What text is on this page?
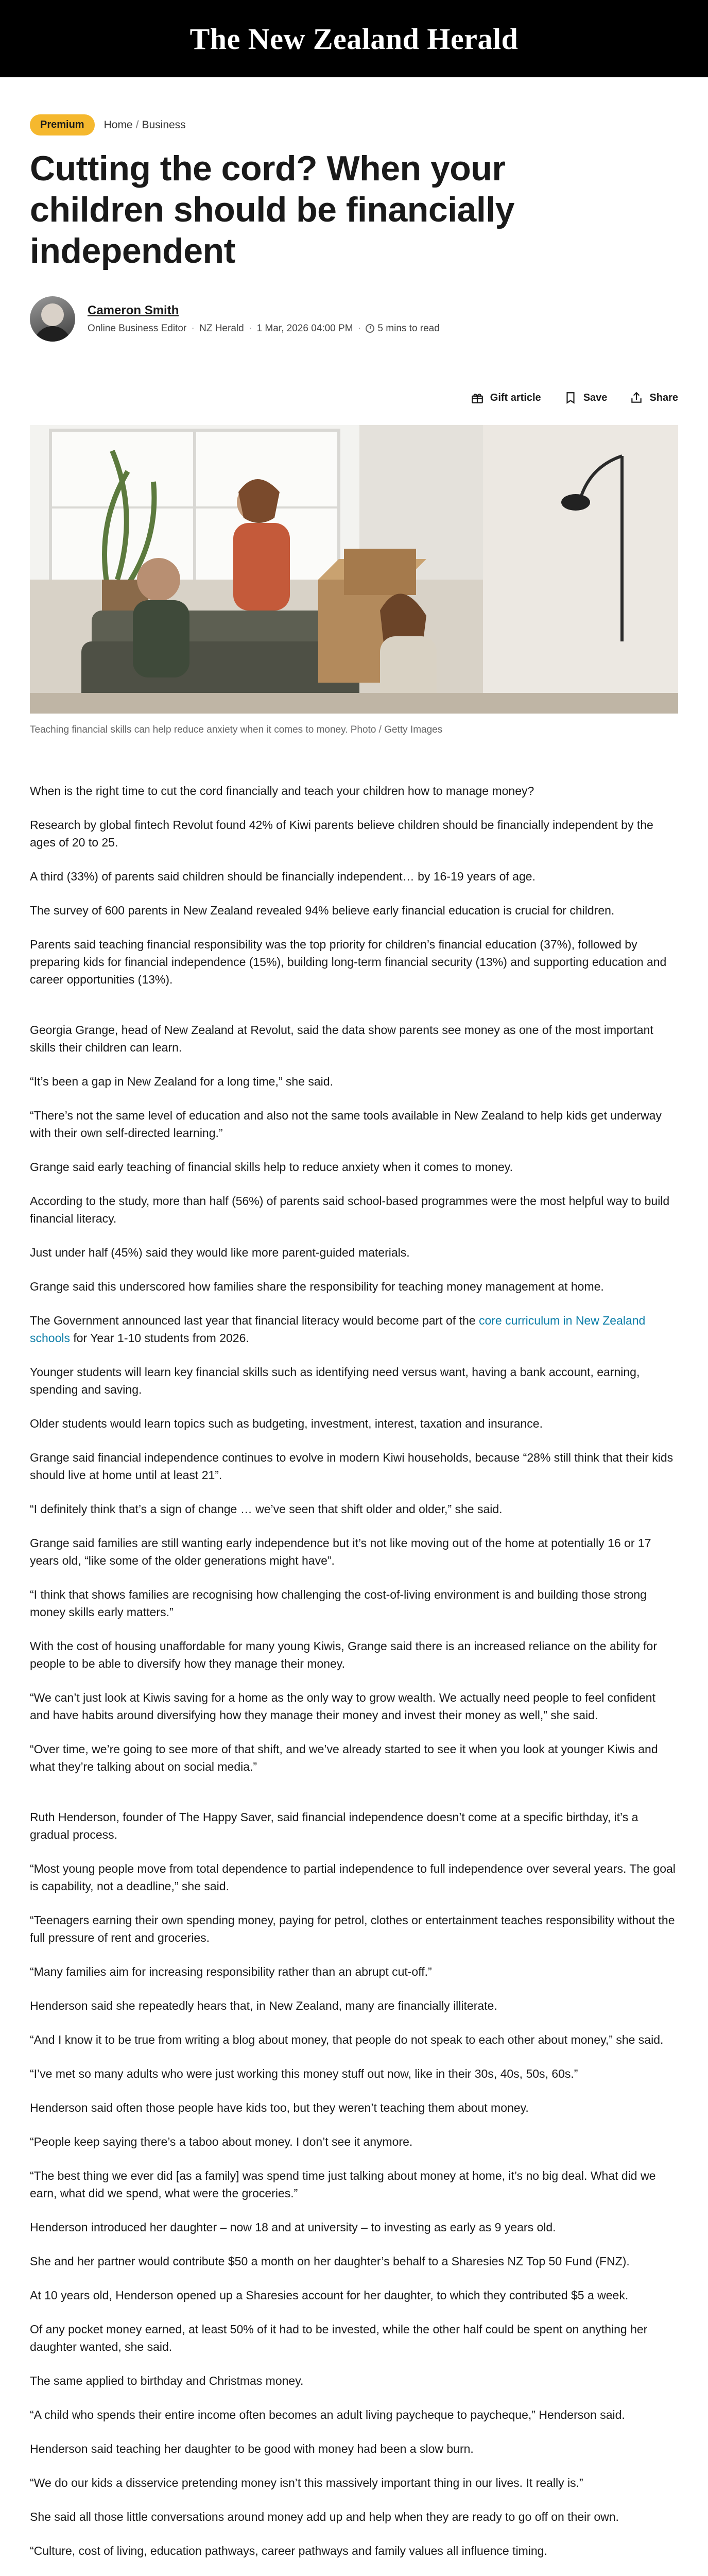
The New Zealand Herald
Premium	Home / Business
Cutting the cord? When your children should be financially independent
Cameron Smith
Online Business Editor · NZ Herald · 1 Mar, 2026 04:00 PM · 5 mins to read
Gift article	Save	Share

Teaching financial skills can help reduce anxiety when it comes to money. Photo / Getty Images

When is the right time to cut the cord financially and teach your children how to manage money?

Research by global fintech Revolut found 42% of Kiwi parents believe children should be financially independent by the ages of 20 to 25.

A third (33%) of parents said children should be financially independent… by 16-19 years of age.

The survey of 600 parents in New Zealand revealed 94% believe early financial education is crucial for children.

Parents said teaching financial responsibility was the top priority for children’s financial education (37%), followed by preparing kids for financial independence (15%), building long-term financial security (13%) and supporting education and career opportunities (13%).

Georgia Grange, head of New Zealand at Revolut, said the data show parents see money as one of the most important skills their children can learn.

“It’s been a gap in New Zealand for a long time,” she said.

“There’s not the same level of education and also not the same tools available in New Zealand to help kids get underway with their own self-directed learning.”

Grange said early teaching of financial skills help to reduce anxiety when it comes to money.

According to the study, more than half (56%) of parents said school-based programmes were the most helpful way to build financial literacy.

Just under half (45%) said they would like more parent-guided materials.

Grange said this underscored how families share the responsibility for teaching money management at home.

The Government announced last year that financial literacy would become part of the core curriculum in New Zealand schools for Year 1-10 students from 2026.

Younger students will learn key financial skills such as identifying need versus want, having a bank account, earning, spending and saving.

Older students would learn topics such as budgeting, investment, interest, taxation and insurance.

Grange said financial independence continues to evolve in modern Kiwi households, because “28% still think that their kids should live at home until at least 21”.

“I definitely think that’s a sign of change … we’ve seen that shift older and older,” she said.

Grange said families are still wanting early independence but it’s not like moving out of the home at potentially 16 or 17 years old, “like some of the older generations might have”.

“I think that shows families are recognising how challenging the cost-of-living environment is and building those strong money skills early matters.”

With the cost of housing unaffordable for many young Kiwis, Grange said there is an increased reliance on the ability for people to be able to diversify how they manage their money.

“We can’t just look at Kiwis saving for a home as the only way to grow wealth. We actually need people to feel confident and have habits around diversifying how they manage their money and invest their money as well,” she said.

“Over time, we’re going to see more of that shift, and we’ve already started to see it when you look at younger Kiwis and what they’re talking about on social media.”

Ruth Henderson, founder of The Happy Saver, said financial independence doesn’t come at a specific birthday, it’s a gradual process.

“Most young people move from total dependence to partial independence to full independence over several years. The goal is capability, not a deadline,” she said.

“Teenagers earning their own spending money, paying for petrol, clothes or entertainment teaches responsibility without the full pressure of rent and groceries.

“Many families aim for increasing responsibility rather than an abrupt cut-off.”

Henderson said she repeatedly hears that, in New Zealand, many are financially illiterate.

“And I know it to be true from writing a blog about money, that people do not speak to each other about money,” she said.

“I’ve met so many adults who were just working this money stuff out now, like in their 30s, 40s, 50s, 60s.”

Henderson said often those people have kids too, but they weren’t teaching them about money.

“People keep saying there’s a taboo about money. I don’t see it anymore.

“The best thing we ever did [as a family] was spend time just talking about money at home, it’s no big deal. What did we earn, what did we spend, what were the groceries.”

Henderson introduced her daughter – now 18 and at university – to investing as early as 9 years old.

She and her partner would contribute $50 a month on her daughter’s behalf to a Sharesies NZ Top 50 Fund (FNZ).

At 10 years old, Henderson opened up a Sharesies account for her daughter, to which they contributed $5 a week.

Of any pocket money earned, at least 50% of it had to be invested, while the other half could be spent on anything her daughter wanted, she said.

The same applied to birthday and Christmas money.

“A child who spends their entire income often becomes an adult living paycheque to paycheque,” Henderson said.

Henderson said teaching her daughter to be good with money had been a slow burn.

“We do our kids a disservice pretending money isn’t this massively important thing in our lives. It really is.”

She said all those little conversations around money add up and help when they are ready to go off on their own.

“Culture, cost of living, education pathways, career pathways and family values all influence timing.
